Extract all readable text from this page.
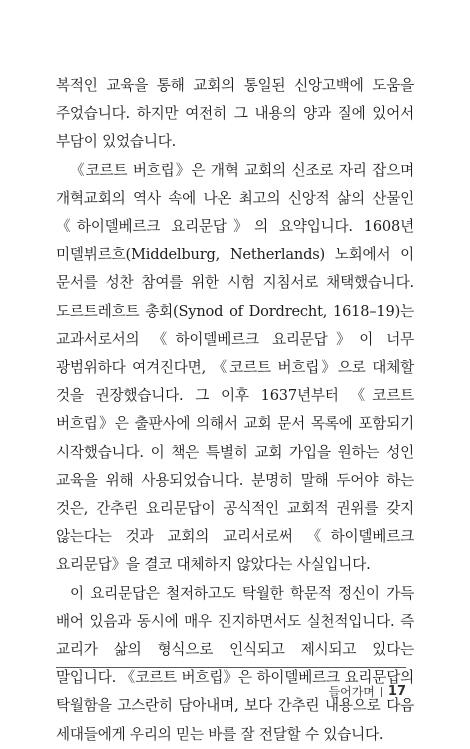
복적인 교육을 통해 교회의 통일된 신앙고백에 도움을 주었습니다. 하지만 여전히 그 내용의 양과 질에 있어서 부담이 있었습니다.

《코르트 버흐립》은 개혁 교회의 신조로 자리 잡으며 개혁교회의 역사 속에 나온 최고의 신앙적 삶의 산물인 《하이델베르크 요리문답》의 요약입니다. 1608년 미델뷔르흐(Middelburg, Netherlands) 노회에서 이 문서를 성찬 참여를 위한 시험 지침서로 채택했습니다. 도르트레흐트 총회(Synod of Dordrecht, 1618–19)는 교과서로서의 《하이델베르크 요리문답》이 너무 광범위하다 여겨진다면, 《코르트 버흐립》으로 대체할 것을 권장했습니다. 그 이후 1637년부터 《코르트 버흐립》은 출판사에 의해서 교회 문서 목록에 포함되기 시작했습니다. 이 책은 특별히 교회 가입을 원하는 성인 교육을 위해 사용되었습니다. 분명히 말해 두어야 하는 것은, 간추린 요리문답이 공식적인 교회적 권위를 갖지 않는다는 것과 교회의 교리서로써 《하이델베르크 요리문답》을 결코 대체하지 않았다는 사실입니다.

이 요리문답은 철저하고도 탁월한 학문적 정신이 가득 배어 있음과 동시에 매우 진지하면서도 실천적입니다. 즉 교리가 삶의 형식으로 인식되고 제시되고 있다는 말입니다. 《코르트 버흐립》은 하이델베르크 요리문답의 탁월함을 고스란히 담아내며, 보다 간추린 내용으로 다음 세대들에게 우리의 믿는 바를 잘 전달할 수 있습니다.

들어가며 17
